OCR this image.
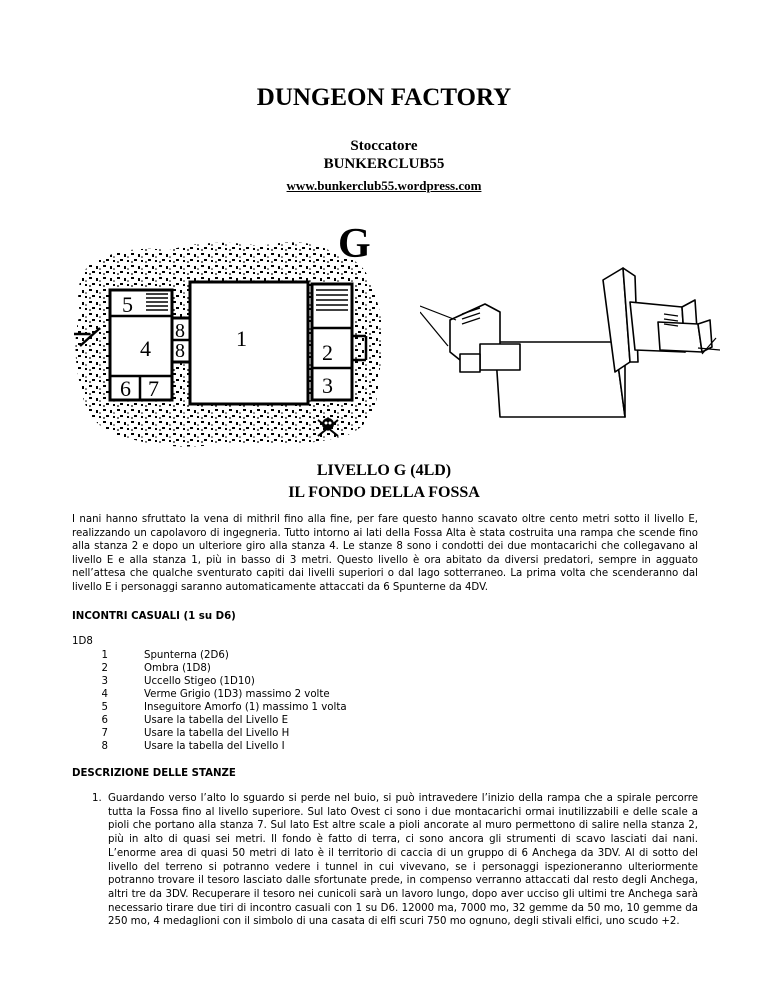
DUNGEON FACTORY

Stoccatore

BUNKERCLUB55

www.bunkerclub55.wordpress.com

G
1
2
3
4
5
6 7
8
8

LIVELLO G (4LD)

IL FONDO DELLA FOSSA

I nani hanno sfruttato la vena di mithril fino alla fine, per fare questo hanno scavato oltre cento metri sotto il livello E, realizzando un capolavoro di ingegneria. Tutto intorno ai lati della Fossa Alta è stata costruita una rampa che scende fino alla stanza 2 e dopo un ulteriore giro alla stanza 4. Le stanze 8 sono i condotti dei due montacarichi che collegavano al livello E e alla stanza 1, più in basso di 3 metri. Questo livello è ora abitato da diversi predatori, sempre in agguato nell’attesa che qualche sventurato capiti dai livelli superiori o dal lago sotterraneo. La prima volta che scenderanno dal livello E i personaggi saranno automaticamente attaccati da 6 Spunterne da 4DV.

INCONTRI CASUALI (1 su D6)

1D8

1	Spunterna (2D6)
2	Ombra (1D8)
3	Uccello Stigeo (1D10)
4	Verme Grigio (1D3) massimo 2 volte
5	Inseguitore Amorfo (1) massimo 1 volta
6	Usare la tabella del Livello E
7	Usare la tabella del Livello H
8	Usare la tabella del Livello I

DESCRIZIONE DELLE STANZE

1. Guardando verso l’alto lo sguardo si perde nel buio, si può intravedere l’inizio della rampa che a spirale percorre tutta la Fossa fino al livello superiore. Sul lato Ovest ci sono i due montacarichi ormai inutilizzabili e delle scale a pioli che portano alla stanza 7. Sul lato Est altre scale a pioli ancorate al muro permettono di salire nella stanza 2, più in alto di quasi sei metri. Il fondo è fatto di terra, ci sono ancora gli strumenti di scavo lasciati dai nani. L’enorme area di quasi 50 metri di lato è il territorio di caccia di un gruppo di 6 Anchega da 3DV. Al di sotto del livello del terreno si potranno vedere i tunnel in cui vivevano, se i personaggi ispezioneranno ulteriormente potranno trovare il tesoro lasciato dalle sfortunate prede, in compenso verranno attaccati dal resto degli Anchega, altri tre da 3DV. Recuperare il tesoro nei cunicoli sarà un lavoro lungo, dopo aver ucciso gli ultimi tre Anchega sarà necessario tirare due tiri di incontro casuali con 1 su D6. 12000 ma, 7000 mo, 32 gemme da 50 mo, 10 gemme da 250 mo, 4 medaglioni con il simbolo di una casata di elfi scuri 750 mo ognuno, degli stivali elfici, uno scudo +2.
